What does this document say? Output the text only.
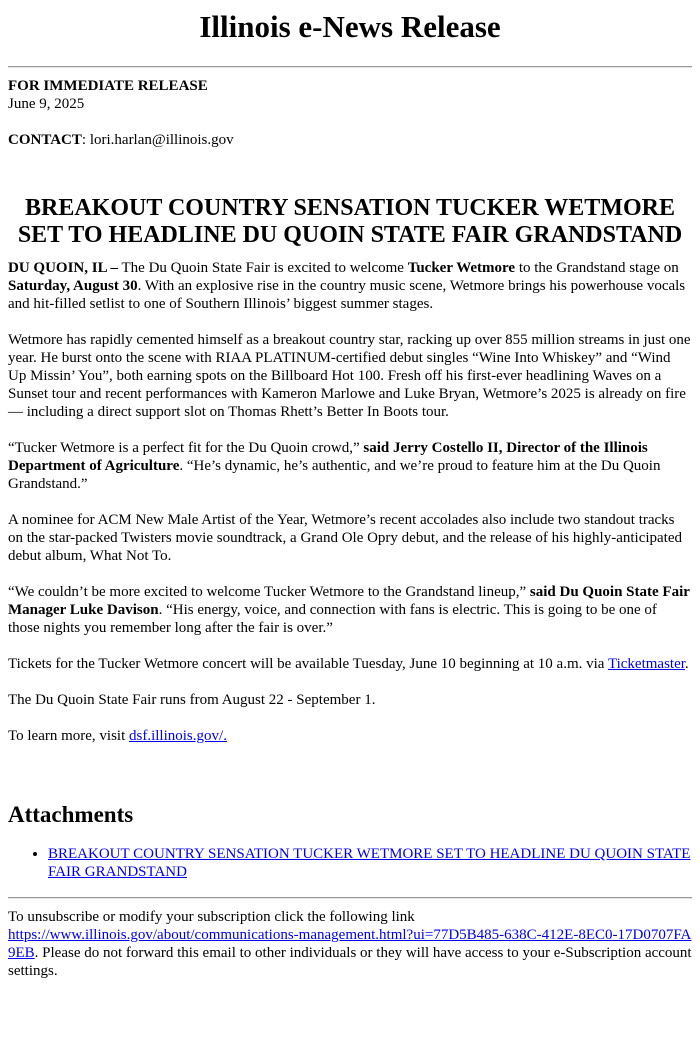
Illinois e-News Release

FOR IMMEDIATE RELEASE

June 9, 2025

CONTACT: lori.harlan@illinois.gov

BREAKOUT COUNTRY SENSATION TUCKER WETMORE SET TO HEADLINE DU QUOIN STATE FAIR GRANDSTAND

DU QUOIN, IL – The Du Quoin State Fair is excited to welcome Tucker Wetmore to the Grandstand stage on Saturday, August 30. With an explosive rise in the country music scene, Wetmore brings his powerhouse vocals and hit-filled setlist to one of Southern Illinois’ biggest summer stages.

Wetmore has rapidly cemented himself as a breakout country star, racking up over 855 million streams in just one year. He burst onto the scene with RIAA PLATINUM-certified debut singles “Wine Into Whiskey” and “Wind Up Missin’ You”, both earning spots on the Billboard Hot 100. Fresh off his first-ever headlining Waves on a Sunset tour and recent performances with Kameron Marlowe and Luke Bryan, Wetmore’s 2025 is already on fire — including a direct support slot on Thomas Rhett’s Better In Boots tour.

“Tucker Wetmore is a perfect fit for the Du Quoin crowd,” said Jerry Costello II, Director of the Illinois Department of Agriculture. “He’s dynamic, he’s authentic, and we’re proud to feature him at the Du Quoin Grandstand.”

A nominee for ACM New Male Artist of the Year, Wetmore’s recent accolades also include two standout tracks on the star-packed Twisters movie soundtrack, a Grand Ole Opry debut, and the release of his highly-anticipated debut album, What Not To.

“We couldn’t be more excited to welcome Tucker Wetmore to the Grandstand lineup,” said Du Quoin State Fair Manager Luke Davison. “His energy, voice, and connection with fans is electric. This is going to be one of those nights you remember long after the fair is over.”

Tickets for the Tucker Wetmore concert will be available Tuesday, June 10 beginning at 10 a.m. via Ticketmaster.

The Du Quoin State Fair runs from August 22 - September 1.

To learn more, visit dsf.illinois.gov/.

Attachments
• BREAKOUT COUNTRY SENSATION TUCKER WETMORE SET TO HEADLINE DU QUOIN STATE FAIR GRANDSTAND

To unsubscribe or modify your subscription click the following link
https://www.illinois.gov/about/communications-management.html?ui=77D5B485-638C-412E-8EC0-17D0707FA9EB. Please do not forward this email to other individuals or they will have access to your e-Subscription account settings.
